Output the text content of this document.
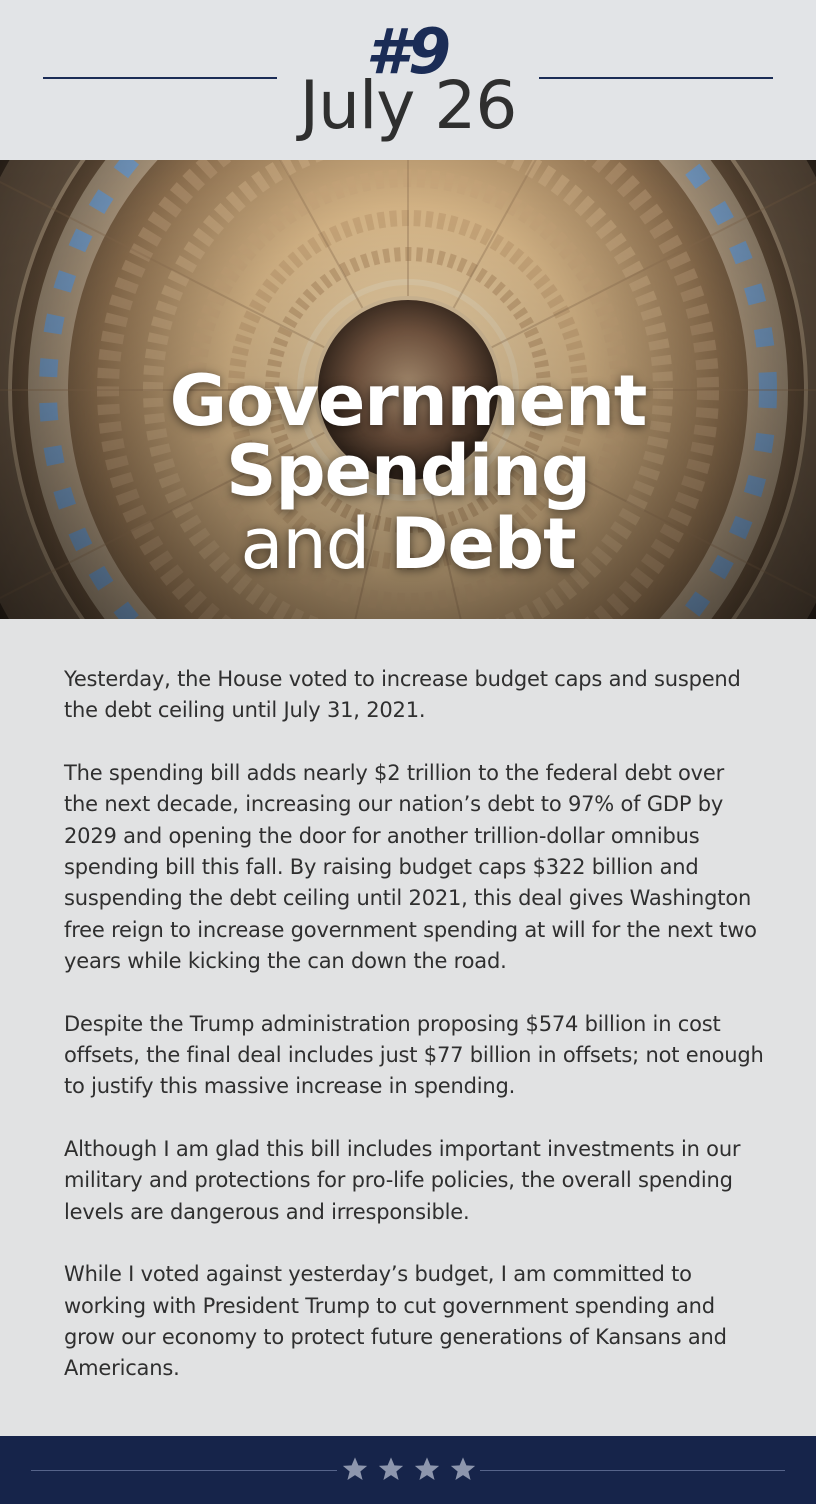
#9
July 26
Government
Spending
and Debt

Yesterday, the House voted to increase budget caps and suspend the debt ceiling until July 31, 2021.

The spending bill adds nearly $2 trillion to the federal debt over the next decade, increasing our nation’s debt to 97% of GDP by 2029 and opening the door for another trillion-dollar omnibus spending bill this fall. By raising budget caps $322 billion and suspending the debt ceiling until 2021, this deal gives Washington free reign to increase government spending at will for the next two years while kicking the can down the road.

Despite the Trump administration proposing $574 billion in cost offsets, the final deal includes just $77 billion in offsets; not enough to justify this massive increase in spending.

Although I am glad this bill includes important investments in our military and protections for pro-life policies, the overall spending levels are dangerous and irresponsible.

While I voted against yesterday’s budget, I am committed to working with President Trump to cut government spending and grow our economy to protect future generations of Kansans and Americans.
